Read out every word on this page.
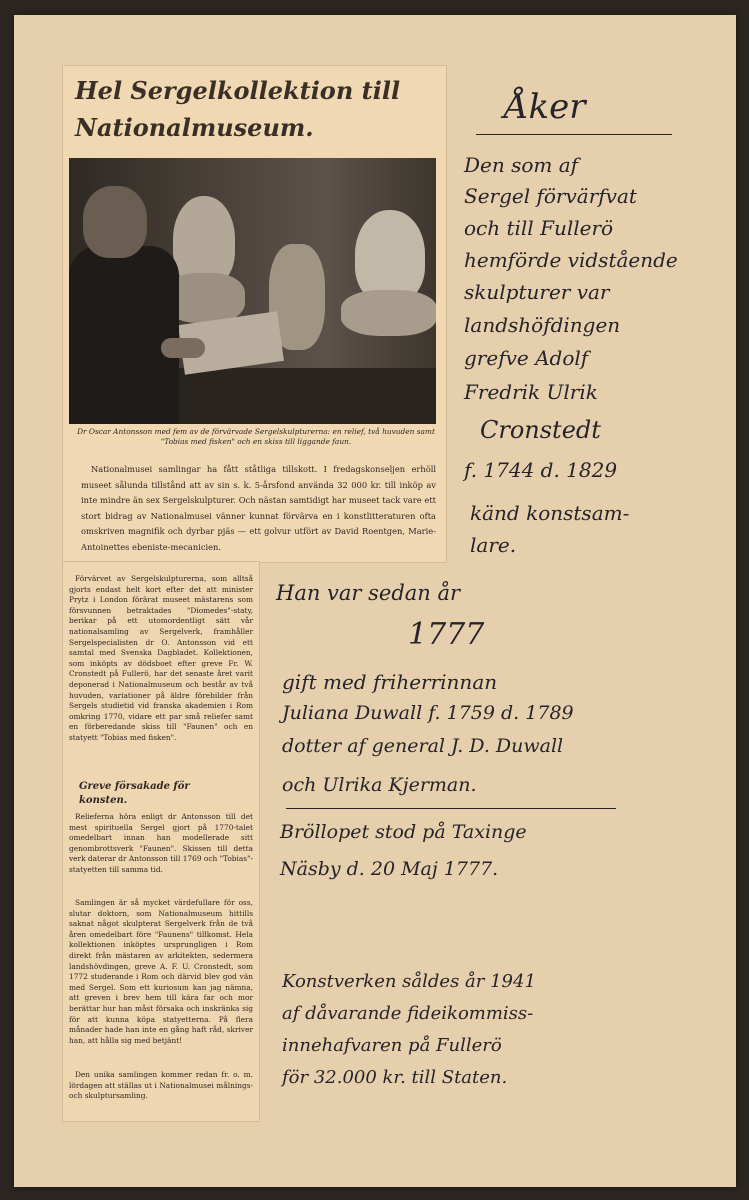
Hel Sergelkollektion till Nationalmuseum.

Dr Oscar Antonsson med fem av de förvärvade Sergelskulpturerna: en relief, två huvuden samt "Tobias med fisken" och en skiss till liggande faun.

Nationalmusei samlingar ha fått ståtliga tillskott. I fredagskonseljen erhöll museet sålunda tillstånd att av sin s. k. 5-årsfond använda 32 000 kr. till inköp av inte mindre än sex Sergelskulpturer. Och nästan samtidigt har museet tack vare ett stort bidrag av Nationalmusei vänner kunnat förvärva en i konstlitteraturen ofta omskriven magnifik och dyrbar pjäs — ett golvur utfört av David Roentgen, Marie-Antoinettes ebeniste-mecanicien.

Förvärvet av Sergelskulpturerna, som alltså gjorts endast helt kort efter det att minister Prytz i London förärat museet mästarens som försvunnen betraktades "Diomedes"-staty, berikar på ett utomordentligt sätt vår nationalsamling av Sergelverk, framhåller Sergelspecialisten dr O. Antonsson vid ett samtal med Svenska Dagbladet. Kollektionen, som inköpts av dödsboet efter greve Fr. W. Cronstedt på Fullerö, har det senaste året varit deponerad i Nationalmuseum och består av två huvuden, variationer på äldre förebilder från Sergels studietid vid franska akademien i Rom omkring 1770, vidare ett par små reliefer samt en förberedande skiss till "Faunen" och en statyett "Tobias med fisken".

Greve försakade för konsten.

Relieferna höra enligt dr Antonsson till det mest spirituella Sergel gjort på 1770-talet omedelbart innan han modellerade sitt genombrottsverk "Faunen". Skissen till detta verk daterar dr Antonsson till 1769 och "Tobias"-statyetten till samma tid.

Samlingen är så mycket värdefullare för oss, slutar doktorn, som Nationalmuseum hittills saknat något skulpterat Sergelverk från de två åren omedelbart före "Faunens" tillkomst. Hela kollektionen inköptes ursprungligen i Rom direkt från mästaren av arkitekten, sedermera landshövdingen, greve A. F. U. Cronstedt, som 1772 studerande i Rom och därvid blev god vän med Sergel. Som ett kuriosum kan jag nämna, att greven i brev hem till kära far och mor berättar hur han måst försaka och inskränka sig för att kunna köpa statyetterna. På flera månader hade han inte en gång haft råd, skriver han, att hålla sig med betjänt!

Den unika samlingen kommer redan fr. o. m. lördagen att ställas ut i Nationalmusei målnings- och skulptursamling.

Åker

Den som af

Sergel förvärfvat

och till Fullerö

hemförde vidstående

skulpturer var

landshöfdingen

grefve Adolf

Fredrik Ulrik

Cronstedt

f. 1744 d. 1829

känd konstsam-

lare.

Han var sedan år

1777

gift med friherrinnan

Juliana Duwall f. 1759 d. 1789

dotter af general J. D. Duwall

och Ulrika Kjerman.

Bröllopet stod på Taxinge

Näsby d. 20 Maj 1777.

Konstverken såldes år 1941

af dåvarande fideikommiss-

innehafvaren på Fullerö

för 32.000 kr. till Staten.
